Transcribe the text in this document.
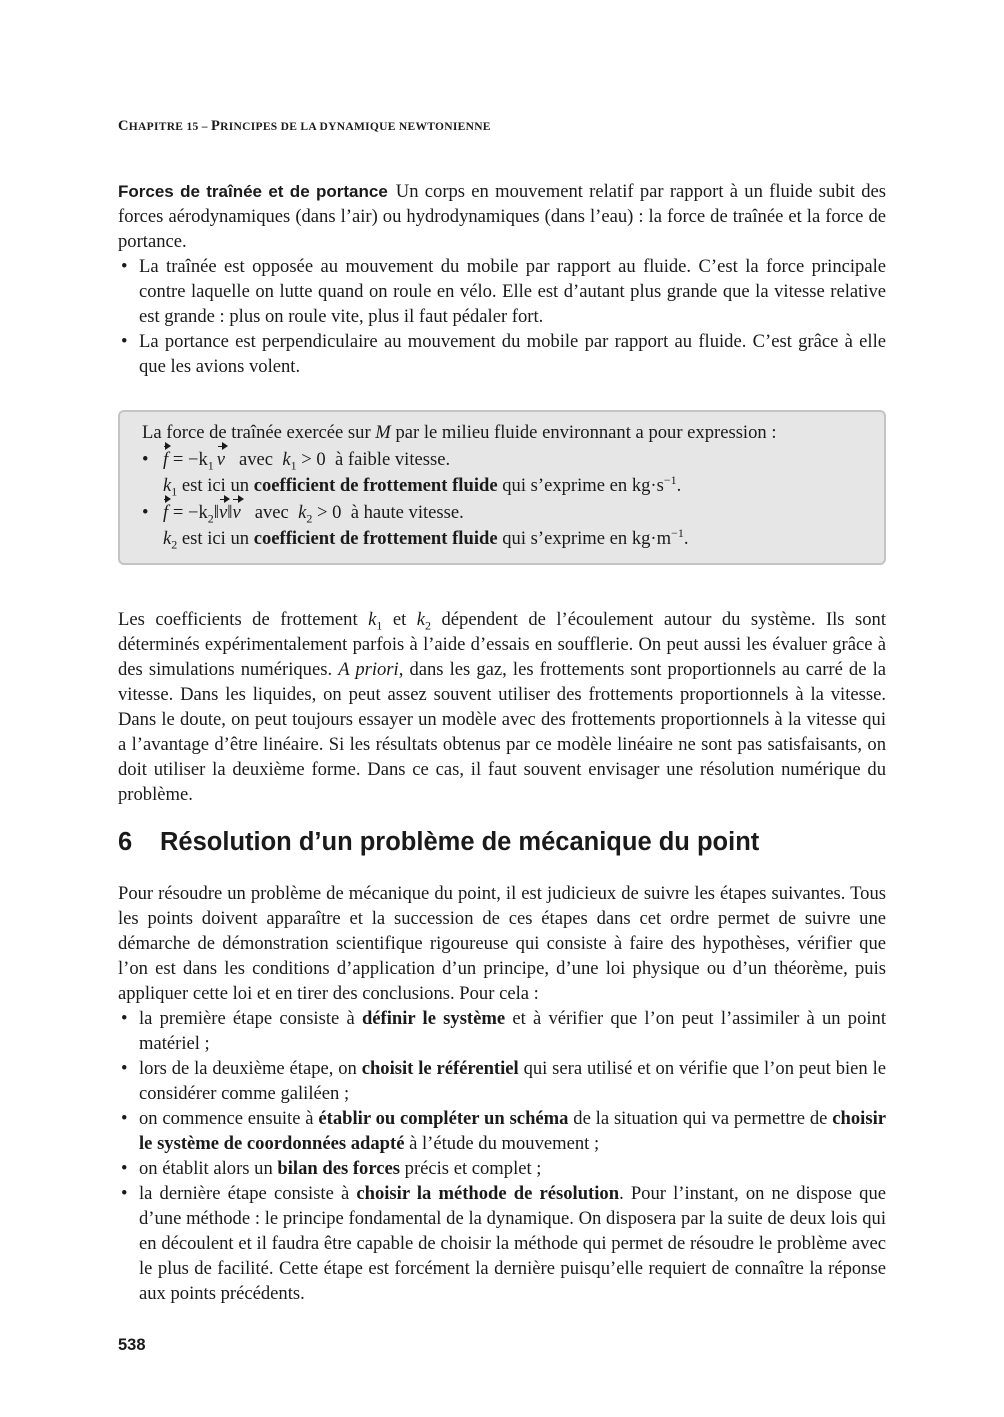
CHAPITRE 15 – PRINCIPES DE LA DYNAMIQUE NEWTONIENNE

Forces de traînée et de portance Un corps en mouvement relatif par rapport à un fluide subit des forces aérodynamiques (dans l’air) ou hydrodynamiques (dans l’eau) : la force de traînée et la force de portance.

• La traînée est opposée au mouvement du mobile par rapport au fluide. C’est la force principale contre laquelle on lutte quand on roule en vélo. Elle est d’autant plus grande que la vitesse relative est grande : plus on roule vite, plus il faut pédaler fort.
• La portance est perpendiculaire au mouvement du mobile par rapport au fluide. C’est grâce à elle que les avions volent.
La force de traînée exercée sur M par le milieu fluide environnant a pour expression :
• $f = -k_1$ v avec $k_1 > 0$ à faible vitesse.
$k_1$ est ici un coefficient de frottement fluide qui s’exprime en $kg\cdot s^{-1}$.
• $f = -k_2‖v‖v$ avec $k_2 > 0$ à haute vitesse.
$k_2$ est ici un coefficient de frottement fluide qui s’exprime en $kg\cdot m^{-1}$.

Les coefficients de frottement $k_1$ et $k_2$ dépendent de l’écoulement autour du système. Ils sont déterminés expérimentalement parfois à l’aide d’essais en soufflerie. On peut aussi les évaluer grâce à des simulations numériques. A priori, dans les gaz, les frottements sont proportionnels au carré de la vitesse. Dans les liquides, on peut assez souvent utiliser des frottements proportionnels à la vitesse. Dans le doute, on peut toujours essayer un modèle avec des frottements proportionnels à la vitesse qui a l’avantage d’être linéaire. Si les résultats obtenus par ce modèle linéaire ne sont pas satisfaisants, on doit utiliser la deuxième forme. Dans ce cas, il faut souvent envisager une résolution numérique du problème.

6 Résolution d’un problème de mécanique du point

Pour résoudre un problème de mécanique du point, il est judicieux de suivre les étapes suivantes. Tous les points doivent apparaître et la succession de ces étapes dans cet ordre permet de suivre une démarche de démonstration scientifique rigoureuse qui consiste à faire des hypothèses, vérifier que l’on est dans les conditions d’application d’un principe, d’une loi physique ou d’un théorème, puis appliquer cette loi et en tirer des conclusions. Pour cela :

• la première étape consiste à définir le système et à vérifier que l’on peut l’assimiler à un point matériel ;
• lors de la deuxième étape, on choisit le référentiel qui sera utilisé et on vérifie que l’on peut bien le considérer comme galiléen ;
• on commence ensuite à établir ou compléter un schéma de la situation qui va permettre de choisir le système de coordonnées adapté à l’étude du mouvement ;
• on établit alors un bilan des forces précis et complet ;
• la dernière étape consiste à choisir la méthode de résolution. Pour l’instant, on ne dispose que d’une méthode : le principe fondamental de la dynamique. On disposera par la suite de deux lois qui en découlent et il faudra être capable de choisir la méthode qui permet de résoudre le problème avec le plus de facilité. Cette étape est forcément la dernière puisqu’elle requiert de connaître la réponse aux points précédents.
538
